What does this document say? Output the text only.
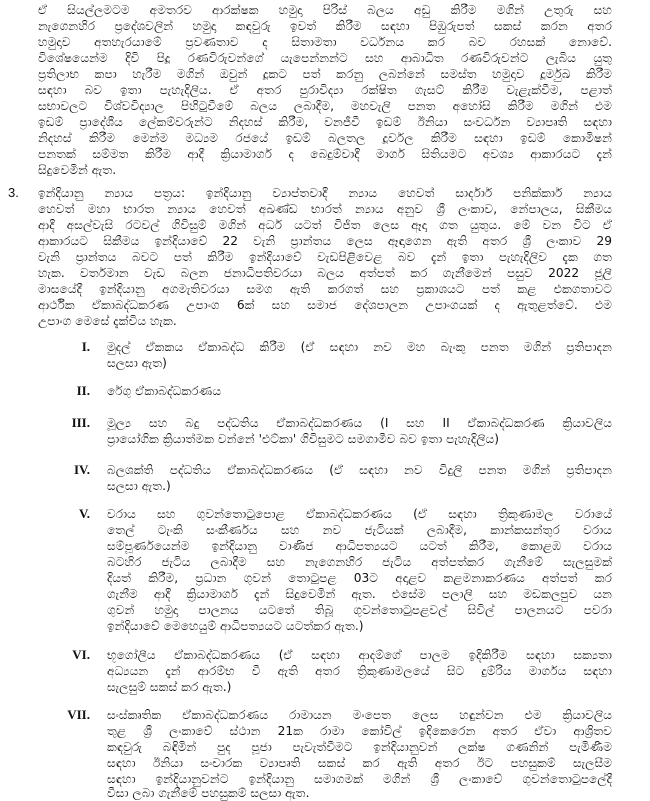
ඒ සියල්ලමටම අමතරව ආරක්ෂක හමුදා පිරිස් බලය අඩු කිරීම මගින් උතුරු සහ
නැගෙනහිර ප්‍රදේශවලින් හමුදා කඳවුරු ඉවත් කිරීම සඳහා පිඹුරුපත් සකස් කරන අතර
හමුදාව අතහැරයාමේ ප්‍රවණතාව ද සිතාමතා වර්ධනය කර බව රහසක් නොවේ.
විශේෂයෙන්ම දිවි පිදූ රණවිරුවන්ගේ යැපෙන්නන්ට සහ ආබාධිත රණවිරුවන්ට ලැබිය යුතු
ප්‍රතිලාභ කපා හැරීම මගින් ඔවුන් දූකට පත් කරනු ලබන්නේ සමස්ත හමුදාව දූර්මුඛ කිරීම
සඳහා බව ඉතා පැහැදිලිය. ඒ අතර පුරාවිද්‍යා රක්ෂිත ගැසට් කිරීම වැළැක්වීම, පළාත්
සභාවලට විශ්වවිද්‍යාල පිහිටුවීමේ බලය ලබාදීම, මහවැලි පනත අහෝසි කිරීම මගින් එම
ඉඩම් ප්‍රාදේශීය ලේකම්වරුන්ට නිදහස් කිරීම, වනජීවී ඉඩම් ඊනියා සංවර්ධන ව්‍යාපෘති සඳහා
නිදහස් කිරීම මෙන්ම මධ්‍යම රජයේ ඉඩම් බලතල දූර්වල කිරීම සඳහා ඉඩම් කොමිෂන්
පනතක් සම්මත කිරීම ආදී ක්‍රියාමාර්ග ද බෙදුම්වාදී මාර්ග සිතියමට අවශ්‍ය ආකාරයට දැන්
සිදුවෙමින් ඇත.
3. ඉන්දියානු න්‍යාය පත්‍රය: ඉන්දියානු ව්‍යාප්තවාදී න්‍යාය හෙවත් සාර්දාර් පනික්කාර් න්‍යාය
හෙවත් මහා භාරත න්‍යාය හෙවත් අඛණ්ඩ භාරත් න්‍යාය අනුව ශ්‍රී ලංකාව, නේපාලය, සිකීමය
ආදී අසල්වැසි රටවල් ගිවිසුම් මගින් අර්ධ යටත් විජිත ලෙස ඈදා ගත යුතුය. මේ වන විට ඒ
ආකාරයට සිකීමය ඉන්දියාවේ 22 වැනි ප්‍රාන්තය ලෙස ඈඳාගෙන ඇති අතර ශ්‍රී ලංකාව 29
වැනි ප්‍රාන්තය බවට පත් කිරීම ඉන්දියාවේ වැඩපිළිවෙළ බව දැන් ඉතා පැහැදිලිව දැක ගත
හැක. වර්තමාන වැඩ බලන ජනාධිපතිවරයා බලය අත්පත් කර ගැනීමෙන් පසුව 2022 ජූලි
මාසයේදී ඉන්දියානු අගමැතිවරයා සමග ඇති කරගත් සහ ප්‍රකාශයට පත් කළ එකගතාවට
ආර්ථික ඒකාබද්ධකරණ උපාංග 6ක් සහ සමාජ දේශපාලන උපාංගයක් ද ඇතුළත්වේ. එම
උපාංග මෙසේ දැක්විය හැක.
I. මුදල් ඒකකය ඒකාබද්ධ කිරීම (ඒ සඳහා නව මහ බැංකු පනත මගින් ප්‍රතිපාදන
සලසා ඇත)
II. රේගු ඒකාබද්ධකරණය
III. මූල්‍ය සහ බදු පද්ධතිය ඒකාබද්ධකරණය (I සහ II ඒකාබද්ධකරණ ක්‍රියාවලිය
ප්‍රායෝගික ක්‍රියාත්මක වන්නේ 'එට්කා' ගිවිසුමට සමගාමීව බව ඉතා පැහැදිලිය)
IV. බලශක්ති පද්ධතිය ඒකාබද්ධකරණය (ඒ සඳහා නව විදුලි පනත මගින් ප්‍රතිපාදන
සලසා ඇත.)
V. වරාය සහ ගුවන්තොටුපොළ ඒකාබද්ධකරණය (ඒ සඳහා ත්‍රිකුණාමල වරායේ
තෙල් ටැංකි සංකීර්ණය සහ නව ජැටියක් ලබාදීම, කාන්කසන්තුර වරාය
සම්පූර්ණයෙන්ම ඉන්දියානු වාණිජ ආධිපත්‍යයට යටත් කිරීම, කොළඹ වරාය
බටහිර ජැටිය ලබාදීම සහ නැගෙනහිර ජැටිය අත්පත්කර ගැනීමේ සැලසුමක්
දියත් කිරීම, ප්‍රධාන ගුවන් තොටුපළ 03ට අදාළව කළමනාකරණය අත්පත් කර
ගැනීම ආදී ක්‍රියාමාර්ග දැන් සිදුවෙමින් ඇත. එසේම පලාලි සහ මඩකලපුව යන
ගුවන් හමුදා පාලනය යටතේ තිබූ ගුවන්තොටුපළවල් සිවිල් පාලනයට පවරා
ඉන්දියාවේ මෙහෙයුම් ආධිපත්‍යයට යටත්කර ඇත.)
VI. භූගෝලීය ඒකාබද්ධකරණය (ඒ සඳහා ආදම්ගේ පාලම ඉදිකිරීම සඳහා සක්‍යතා
අධ්‍යයන දැන් ආරම්භ වී ඇති අතර ත්‍රිකුණාමලයේ සිට දුම්රිය මාර්ගය සඳහා
සැලසුම් සකස් කර ඇත.)
VII. සංස්කෘතික ඒකාබද්ධකරණය රාමායන මංපෙත ලෙස හඳුන්වන එම ක්‍රියාවලිය
තුළ ශ්‍රී ලංකාවේ ස්ථාන 21ක රාමා කෝවිල් ඉදිකෙරෙන අතර ඒවා ආශ්‍රිතව
කඳවුරු බඳිමින් පුද පූජා පැවැත්වීමට ඉන්දියානුවන් ලක්ෂ ගණනින් පැමිණීම
සඳහා ඊනියා සංචාරක ව්‍යාපෘති සකස් කර ඇති අතර ඊට පහසුකම් සැලසීම
සඳහා ඉන්දියානුවන්ට ඉන්දියානු සමාගමක් මගින් ශ්‍රී ලංකාවේ ගුවන්තොටුපලේදී
වීසා ලබා ගැනීමේ පහසුකම් සලසා ඇත.
